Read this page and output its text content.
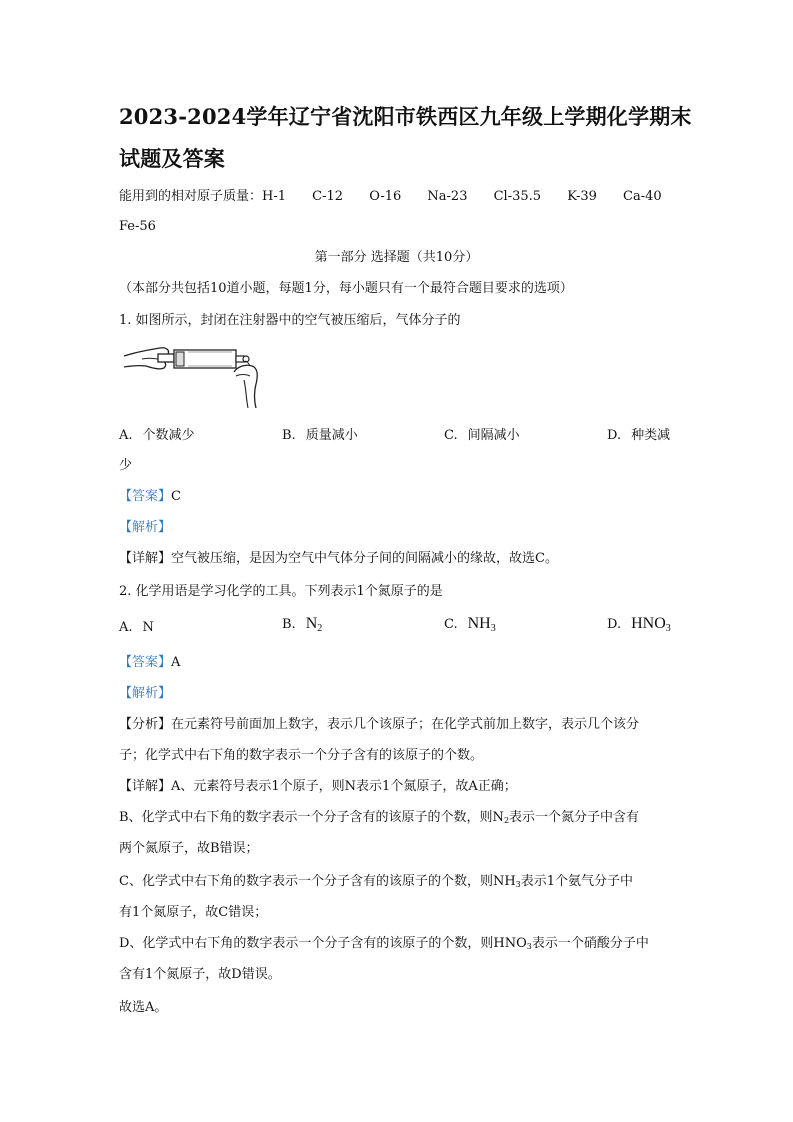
2023-2024学年辽宁省沈阳市铁西区九年级上学期化学期末
试题及答案
能用到的相对原子质量：H-1 C-12 O-16 Na-23 Cl-35.5 K-39 Ca-40
Fe-56
第一部分 选择题（共10分）
（本部分共包括10道小题，每题1分，每小题只有一个最符合题目要求的选项）
1. 如图所示，封闭在注射器中的空气被压缩后，气体分子的
A. 个数减少	B. 质量减小	C. 间隔减小	D. 种类减
少
【答案】C
【解析】
【详解】空气被压缩，是因为空气中气体分子间的间隔减小的缘故，故选C。
2. 化学用语是学习化学的工具。下列表示1个氮原子的是
A. N	B. $N_2$	C. $NH_3$	D. $HNO_3$
【答案】A
【解析】
【分析】在元素符号前面加上数字，表示几个该原子；在化学式前加上数字，表示几个该分
子；化学式中右下角的数字表示一个分子含有的该原子的个数。
【详解】A、元素符号表示1个原子，则N表示1个氮原子，故A正确；
B、化学式中右下角的数字表示一个分子含有的该原子的个数，则$N_2$表示一个氮分子中含有
两个氮原子，故B错误；
C、化学式中右下角的数字表示一个分子含有的该原子的个数，则$NH_3$表示1个氨气分子中
有1个氮原子，故C错误；
D、化学式中右下角的数字表示一个分子含有的该原子的个数，则$HNO_3$表示一个硝酸分子中
含有1个氮原子，故D错误。
故选A。
